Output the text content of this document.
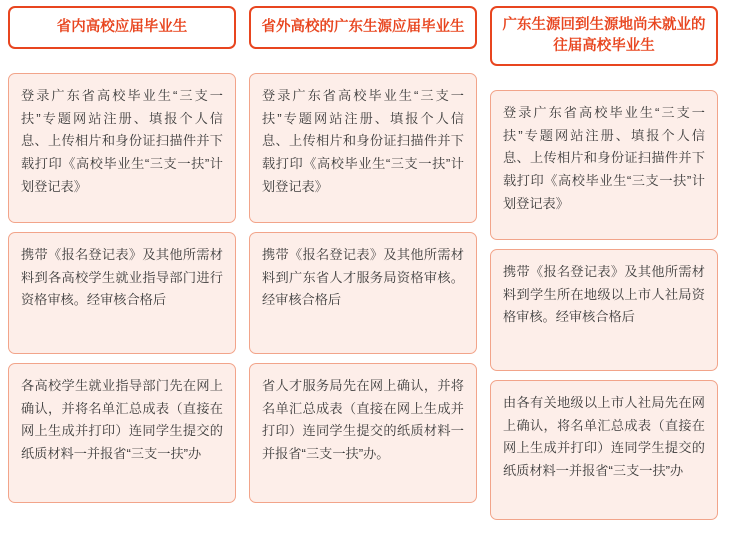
省内高校应届毕业生
登录广东省高校毕业生“三支一扶”专题网站注册、填报个人信息、上传相片和身份证扫描件并下载打印《高校毕业生“三支一扶”计划登记表》
携带《报名登记表》及其他所需材料到各高校学生就业指导部门进行资格审核。经审核合格后
各高校学生就业指导部门先在网上确认，并将名单汇总成表（直接在网上生成并打印）连同学生提交的纸质材料一并报省“三支一扶”办
省外高校的广东生源应届毕业生
登录广东省高校毕业生“三支一扶”专题网站注册、填报个人信息、上传相片和身份证扫描件并下载打印《高校毕业生“三支一扶”计划登记表》
携带《报名登记表》及其他所需材料到广东省人才服务局资格审核。经审核合格后
省人才服务局先在网上确认，并将名单汇总成表（直接在网上生成并打印）连同学生提交的纸质材料一并报省“三支一扶”办。
广东生源回到生源地尚未就业的往届高校毕业生
登录广东省高校毕业生“三支一扶”专题网站注册、填报个人信息、上传相片和身份证扫描件并下载打印《高校毕业生“三支一扶”计划登记表》
携带《报名登记表》及其他所需材料到学生所在地级以上市人社局资格审核。经审核合格后
由各有关地级以上市人社局先在网上确认，将名单汇总成表（直接在网上生成并打印）连同学生提交的纸质材料一并报省“三支一扶”办
